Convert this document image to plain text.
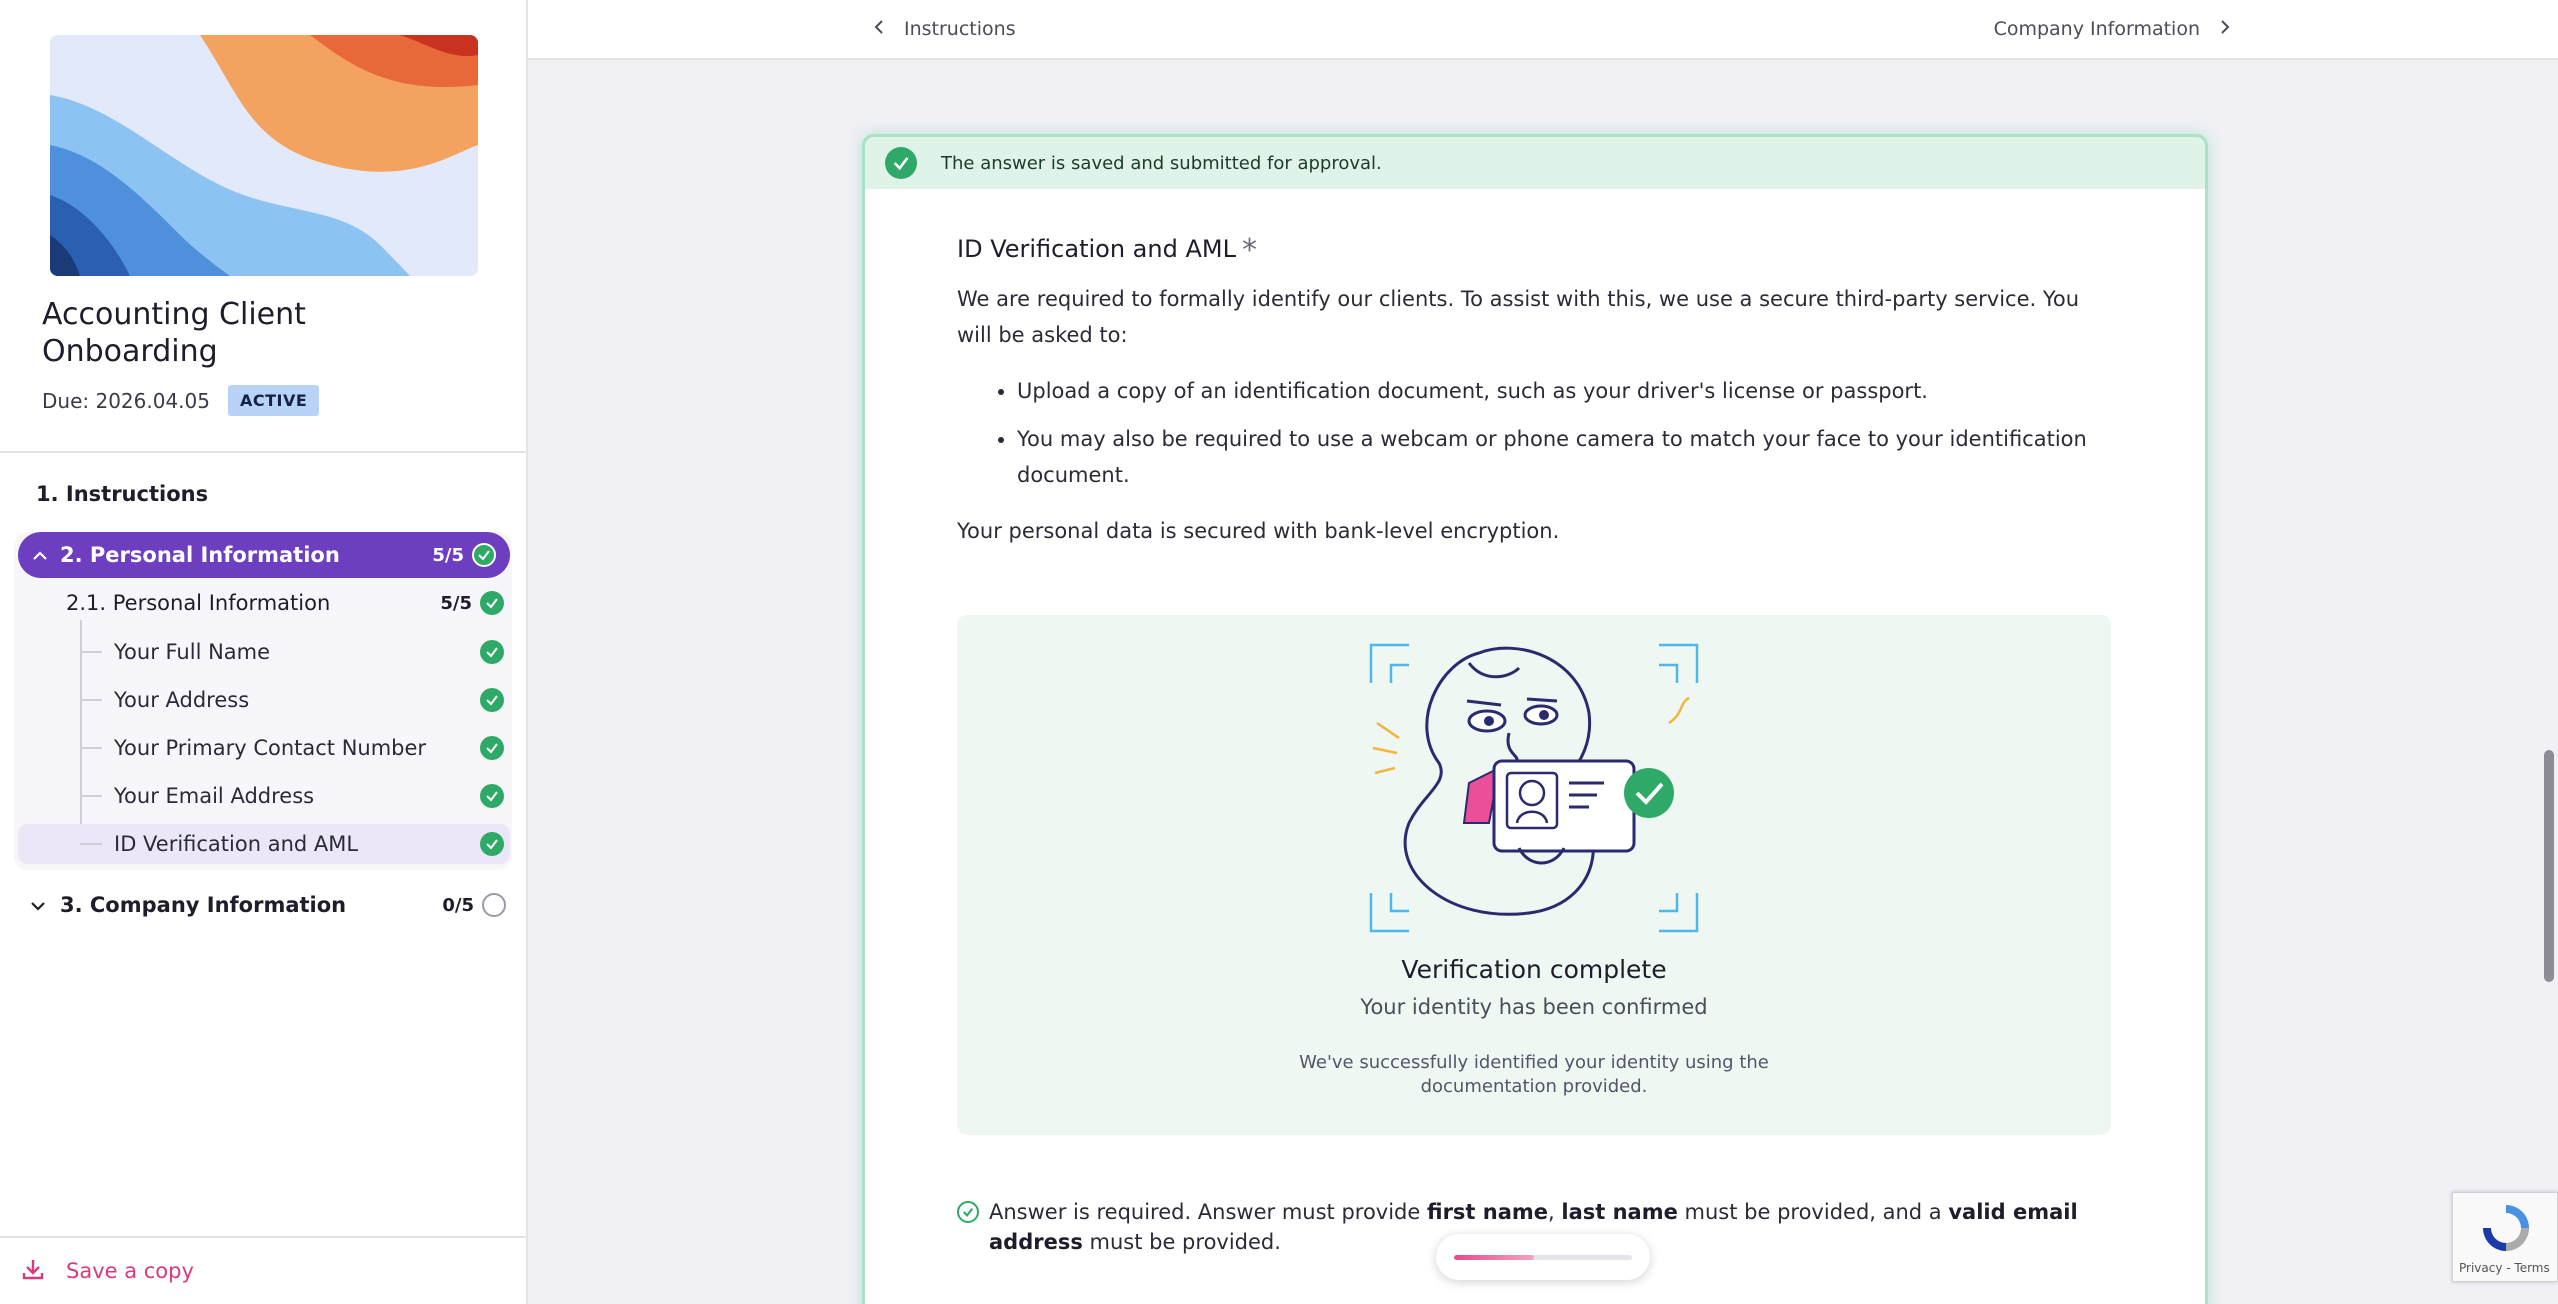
Accounting Client Onboarding
Due: 2026.04.05	ACTIVE
1. Instructions
2. Personal Information	5/5
2.1. Personal Information	5/5
Your Full Name
Your Address
Your Primary Contact Number
Your Email Address
ID Verification and AML
3. Company Information	0/5
Save a copy
Instructions	Company Information
The answer is saved and submitted for approval.
ID Verification and AML *

We are required to formally identify our clients. To assist with this, we use a secure third-party service. You will be asked to:

• Upload a copy of an identification document, such as your driver's license or passport.
• You may also be required to use a webcam or phone camera to match your face to your identification document.

Your personal data is secured with bank-level encryption.

Verification complete
Your identity has been confirmed
We've successfully identified your identity using the documentation provided.
Answer is required. Answer must provide first name, last name must be provided, and a valid email address must be provided.
Privacy - Terms
